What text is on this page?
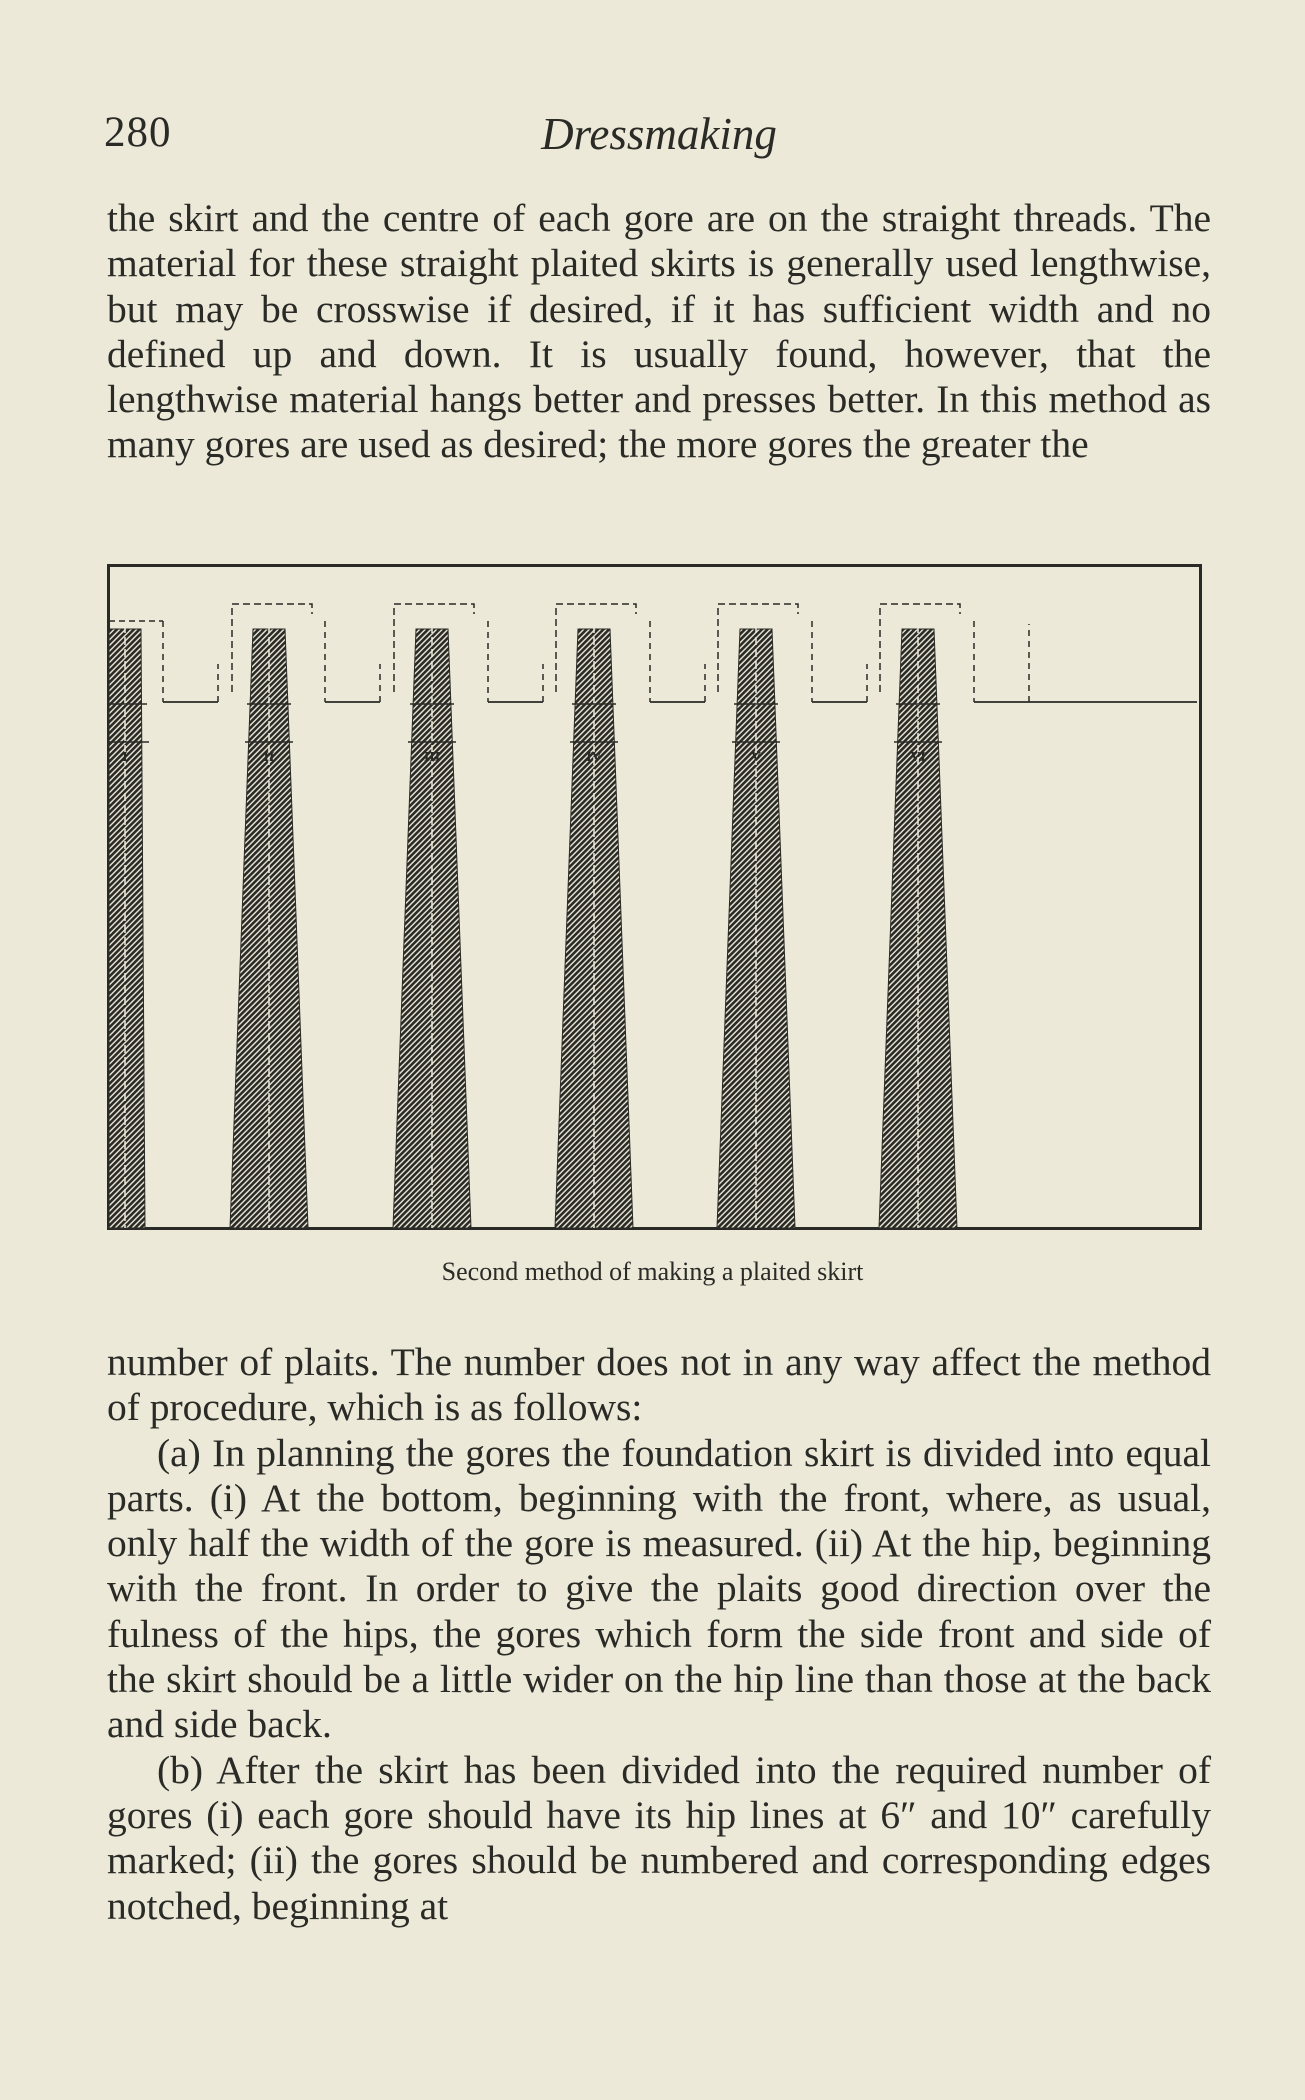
280	Dressmaking

the skirt and the centre of each gore are on the straight threads. The material for these straight plaited skirts is generally used lengthwise, but may be crosswise if desired, if it has sufficient width and no defined up and down. It is usually found, however, that the lengthwise material hangs better and presses better. In this method as many gores are used as desired; the more gores the greater the

I	II	III	IV	V	VI
Second method of making a plaited skirt

number of plaits. The number does not in any way affect the method of procedure, which is as follows:

(a) In planning the gores the foundation skirt is divided into equal parts. (i) At the bottom, beginning with the front, where, as usual, only half the width of the gore is measured. (ii) At the hip, beginning with the front. In order to give the plaits good direction over the fulness of the hips, the gores which form the side front and side of the skirt should be a little wider on the hip line than those at the back and side back.

(b) After the skirt has been divided into the required number of gores (i) each gore should have its hip lines at 6″ and 10″ carefully marked; (ii) the gores should be numbered and corresponding edges notched, beginning at
